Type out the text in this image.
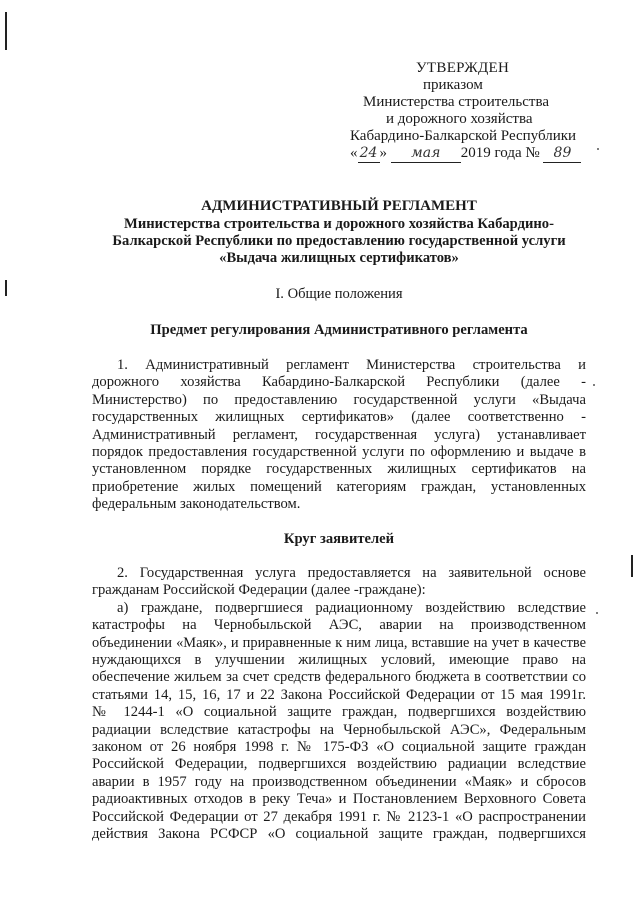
УТВЕРЖДЕН
приказом
Министерства строительства
и дорожного хозяйства
Кабардино-Балкарской Республики
« 24 » мая 2019 года № 89
АДМИНИСТРАТИВНЫЙ РЕГЛАМЕНТ
Министерства строительства и дорожного хозяйства Кабардино-
Балкарской Республики по предоставлению государственной услуги
«Выдача жилищных сертификатов»
I. Общие положения
Предмет регулирования Административного регламента
1. Административный регламент Министерства строительства и
дорожного хозяйства Кабардино-Балкарской Республики (далее -
Министерство) по предоставлению государственной услуги «Выдача
государственных жилищных сертификатов» (далее соответственно -
Административный регламент, государственная услуга) устанавливает
порядок предоставления государственной услуги по оформлению и выдаче в
установленном порядке государственных жилищных сертификатов на
приобретение жилых помещений категориям граждан, установленных
федеральным законодательством.
Круг заявителей
2. Государственная услуга предоставляется на заявительной основе
гражданам Российской Федерации (далее -граждане):
а) граждане, подвергшиеся радиационному воздействию вследствие
катастрофы на Чернобыльской АЭС, аварии на производственном
объединении «Маяк», и приравненные к ним лица, вставшие на учет в качестве
нуждающихся в улучшении жилищных условий, имеющие право на
обеспечение жильем за счет средств федерального бюджета в соответствии со
статьями 14, 15, 16, 17 и 22 Закона Российской Федерации от 15 мая 1991г.
№ 1244-1 «О социальной защите граждан, подвергшихся воздействию
радиации вследствие катастрофы на Чернобыльской АЭС», Федеральным
законом от 26 ноября 1998 г. № 175-ФЗ «О социальной защите граждан
Российской Федерации, подвергшихся воздействию радиации вследствие
аварии в 1957 году на производственном объединении «Маяк» и сбросов
радиоактивных отходов в реку Теча» и Постановлением Верховного Совета
Российской Федерации от 27 декабря 1991 г. № 2123-1 «О распространении
действия Закона РСФСР «О социальной защите граждан, подвергшихся
